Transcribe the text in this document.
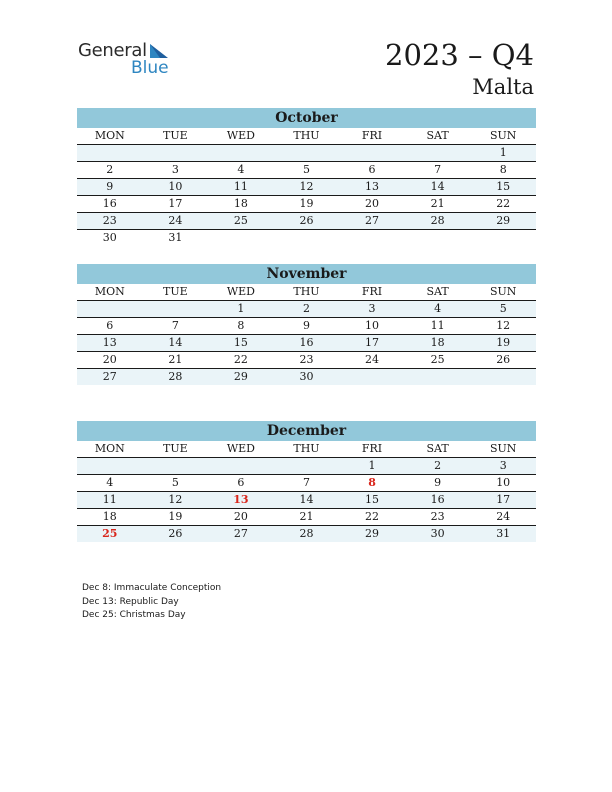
General
Blue	2023 – Q4
Malta
October
MON	TUE	WED	THU	FRI	SAT	SUN
						1
2	3	4	5	6	7	8
9	10	11	12	13	14	15
16	17	18	19	20	21	22
23	24	25	26	27	28	29
30	31					
November
MON	TUE	WED	THU	FRI	SAT	SUN
		1	2	3	4	5
6	7	8	9	10	11	12
13	14	15	16	17	18	19
20	21	22	23	24	25	26
27	28	29	30			
December
MON	TUE	WED	THU	FRI	SAT	SUN
				1	2	3
4	5	6	7	8	9	10
11	12	13	14	15	16	17
18	19	20	21	22	23	24
25	26	27	28	29	30	31
Dec 8: Immaculate Conception
Dec 13: Republic Day
Dec 25: Christmas Day
